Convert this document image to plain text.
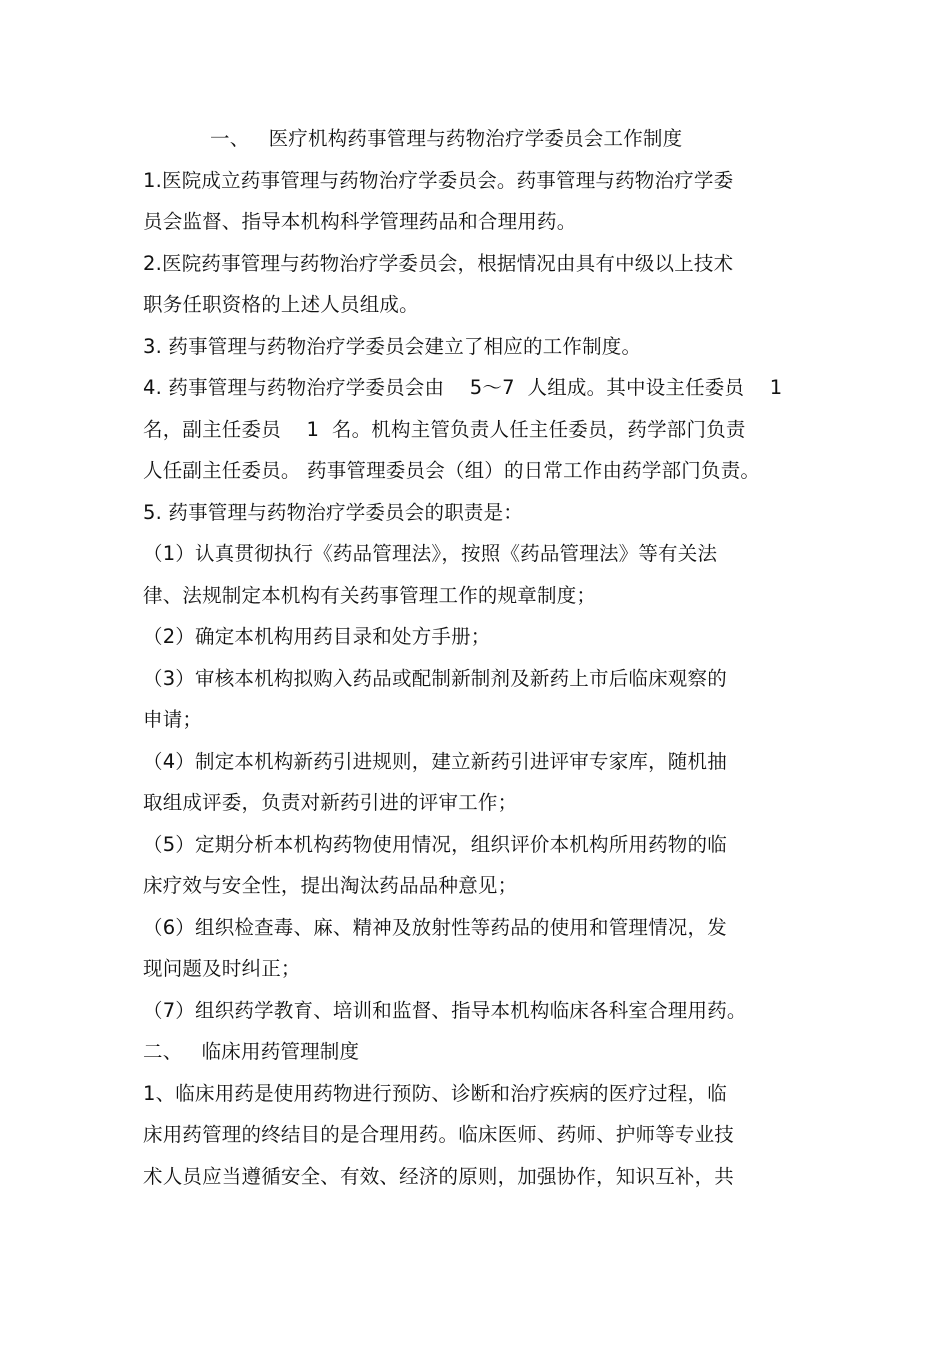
一、   医疗机构药事管理与药物治疗学委员会工作制度
1.医院成立药事管理与药物治疗学委员会。药事管理与药物治疗学委
员会监督、指导本机构科学管理药品和合理用药。
2.医院药事管理与药物治疗学委员会，根据情况由具有中级以上技术
职务任职资格的上述人员组成。
3. 药事管理与药物治疗学委员会建立了相应的工作制度。
4. 药事管理与药物治疗学委员会由    5～7  人组成。其中设主任委员    1
名，副主任委员    1  名。机构主管负责人任主任委员，药学部门负责
人任副主任委员。 药事管理委员会（组）的日常工作由药学部门负责。
5. 药事管理与药物治疗学委员会的职责是：
（1）认真贯彻执行《药品管理法》，按照《药品管理法》等有关法
律、法规制定本机构有关药事管理工作的规章制度；
（2）确定本机构用药目录和处方手册；
（3）审核本机构拟购入药品或配制新制剂及新药上市后临床观察的
申请；
（4）制定本机构新药引进规则，建立新药引进评审专家库，随机抽
取组成评委，负责对新药引进的评审工作；
（5）定期分析本机构药物使用情况，组织评价本机构所用药物的临
床疗效与安全性，提出淘汰药品品种意见；
（6）组织检查毒、麻、精神及放射性等药品的使用和管理情况，发
现问题及时纠正；
（7）组织药学教育、培训和监督、指导本机构临床各科室合理用药。
二、   临床用药管理制度
1、临床用药是使用药物进行预防、诊断和治疗疾病的医疗过程，临
床用药管理的终结目的是合理用药。临床医师、药师、护师等专业技
术人员应当遵循安全、有效、经济的原则，加强协作，知识互补，共
